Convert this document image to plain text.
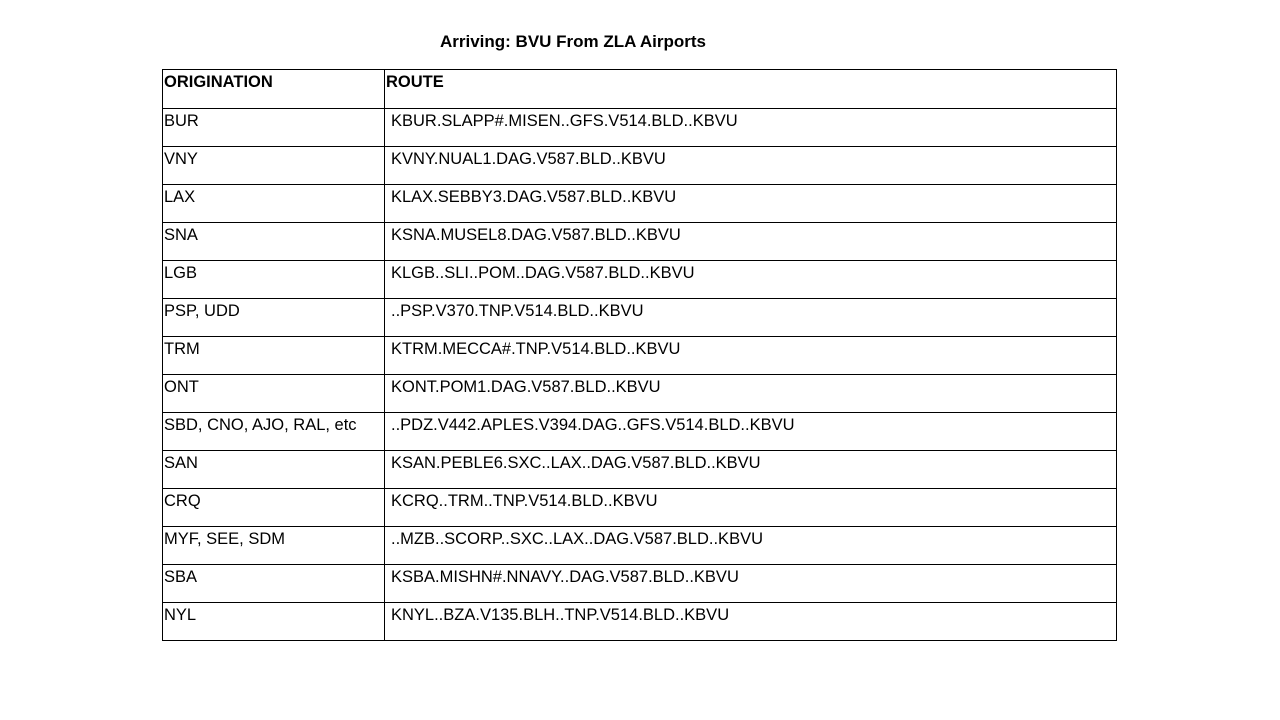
Arriving: BVU From ZLA Airports
ORIGINATION	ROUTE
BUR	KBUR.SLAPP#.MISEN..GFS.V514.BLD..KBVU
VNY	KVNY.NUAL1.DAG.V587.BLD..KBVU
LAX	KLAX.SEBBY3.DAG.V587.BLD..KBVU
SNA	KSNA.MUSEL8.DAG.V587.BLD..KBVU
LGB	KLGB..SLI..POM..DAG.V587.BLD..KBVU
PSP, UDD	..PSP.V370.TNP.V514.BLD..KBVU
TRM	KTRM.MECCA#.TNP.V514.BLD..KBVU
ONT	KONT.POM1.DAG.V587.BLD..KBVU
SBD, CNO, AJO, RAL, etc	..PDZ.V442.APLES.V394.DAG..GFS.V514.BLD..KBVU
SAN	KSAN.PEBLE6.SXC..LAX..DAG.V587.BLD..KBVU
CRQ	KCRQ..TRM..TNP.V514.BLD..KBVU
MYF, SEE, SDM	..MZB..SCORP..SXC..LAX..DAG.V587.BLD..KBVU
SBA	KSBA.MISHN#.NNAVY..DAG.V587.BLD..KBVU
NYL	KNYL..BZA.V135.BLH..TNP.V514.BLD..KBVU
